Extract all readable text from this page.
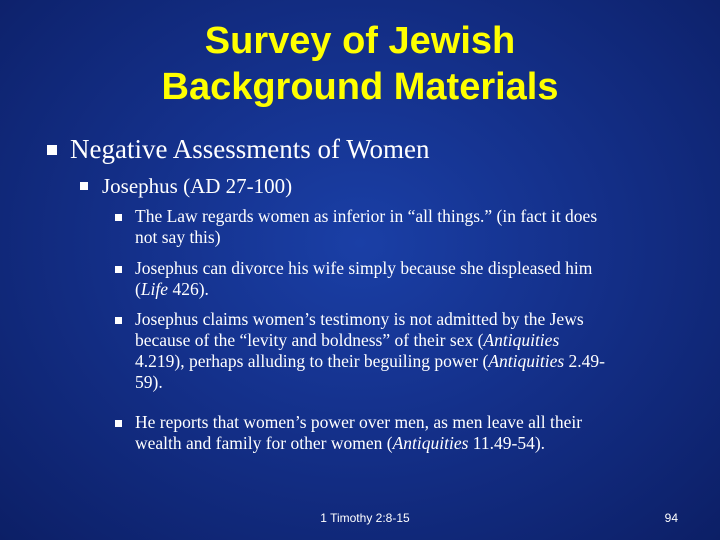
Survey of Jewish
Background Materials
Negative Assessments of Women
Josephus (AD 27-100)
The Law regards women as inferior in “all things.” (in fact it does
not say this)
Josephus can divorce his wife simply because she displeased him
(Life 426).
Josephus claims women’s testimony is not admitted by the Jews
because of the “levity and boldness” of their sex (Antiquities
4.219), perhaps alluding to their beguiling power (Antiquities 2.49-
59).
He reports that women’s power over men, as men leave all their
wealth and family for other women (Antiquities 11.49-54).
1 Timothy 2:8-15	94
